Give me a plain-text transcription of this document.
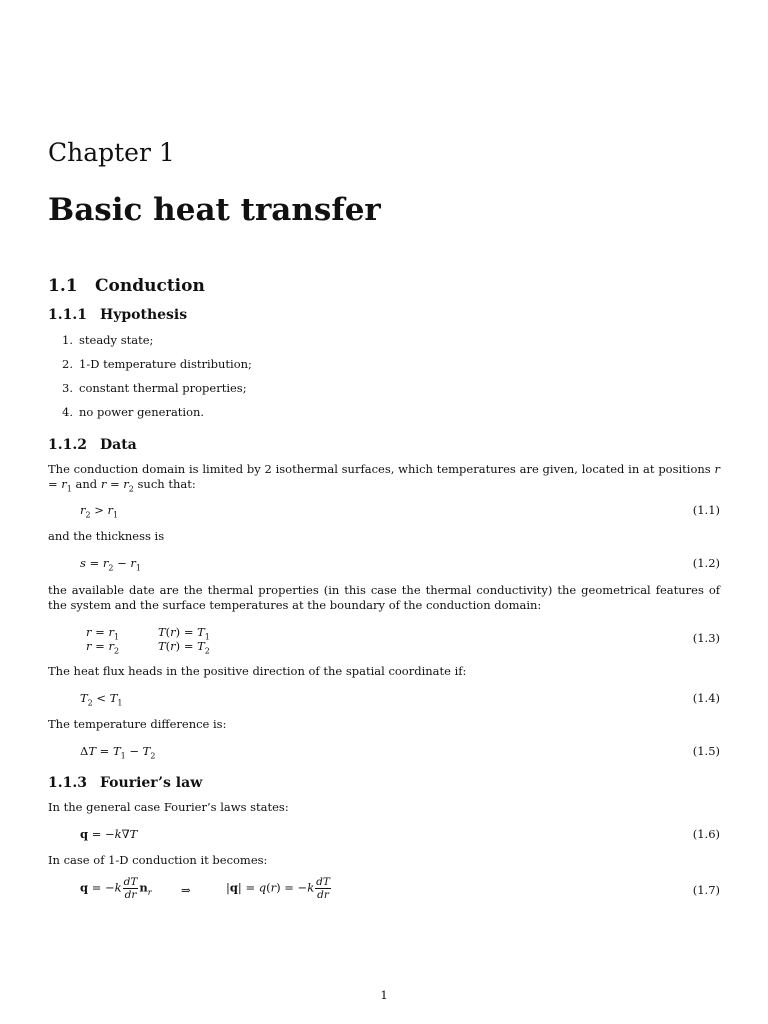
Chapter 1
Basic heat transfer
1.1 Conduction
1.1.1 Hypothesis
1. steady state;
2. 1-D temperature distribution;
3. constant thermal properties;
4. no power generation.
1.1.2 Data
The conduction domain is limited by 2 isothermal surfaces, which temperatures are given, located in at positions $r = r_1$ and $r = r_2$ such that:
$r_2 > r_1$	(1.1)
and the thickness is
$s = r_2 - r_1$	(1.2)
the available date are the thermal properties (in this case the thermal conductivity) the geometrical features of the system and the surface temperatures at the boundary of the conduction domain:
$r = r_1$	$T(r) = T_1$
$r = r_2$	$T(r) = T_2$
(1.3)
The heat flux heads in the positive direction of the spatial coordinate if:
$T_2 < T_1$	(1.4)
The temperature difference is:
$\Delta T = T_1 - T_2$	(1.5)
1.1.3 Fourier’s law
In the general case Fourier’s laws states:
q = −k∇T	(1.6)
In case of 1-D conduction it becomes:
$q = -k \frac{dT}{dr} n_r$	⇒	$|q| = q(r) = -k \frac{dT}{dr}$	(1.7)
1
